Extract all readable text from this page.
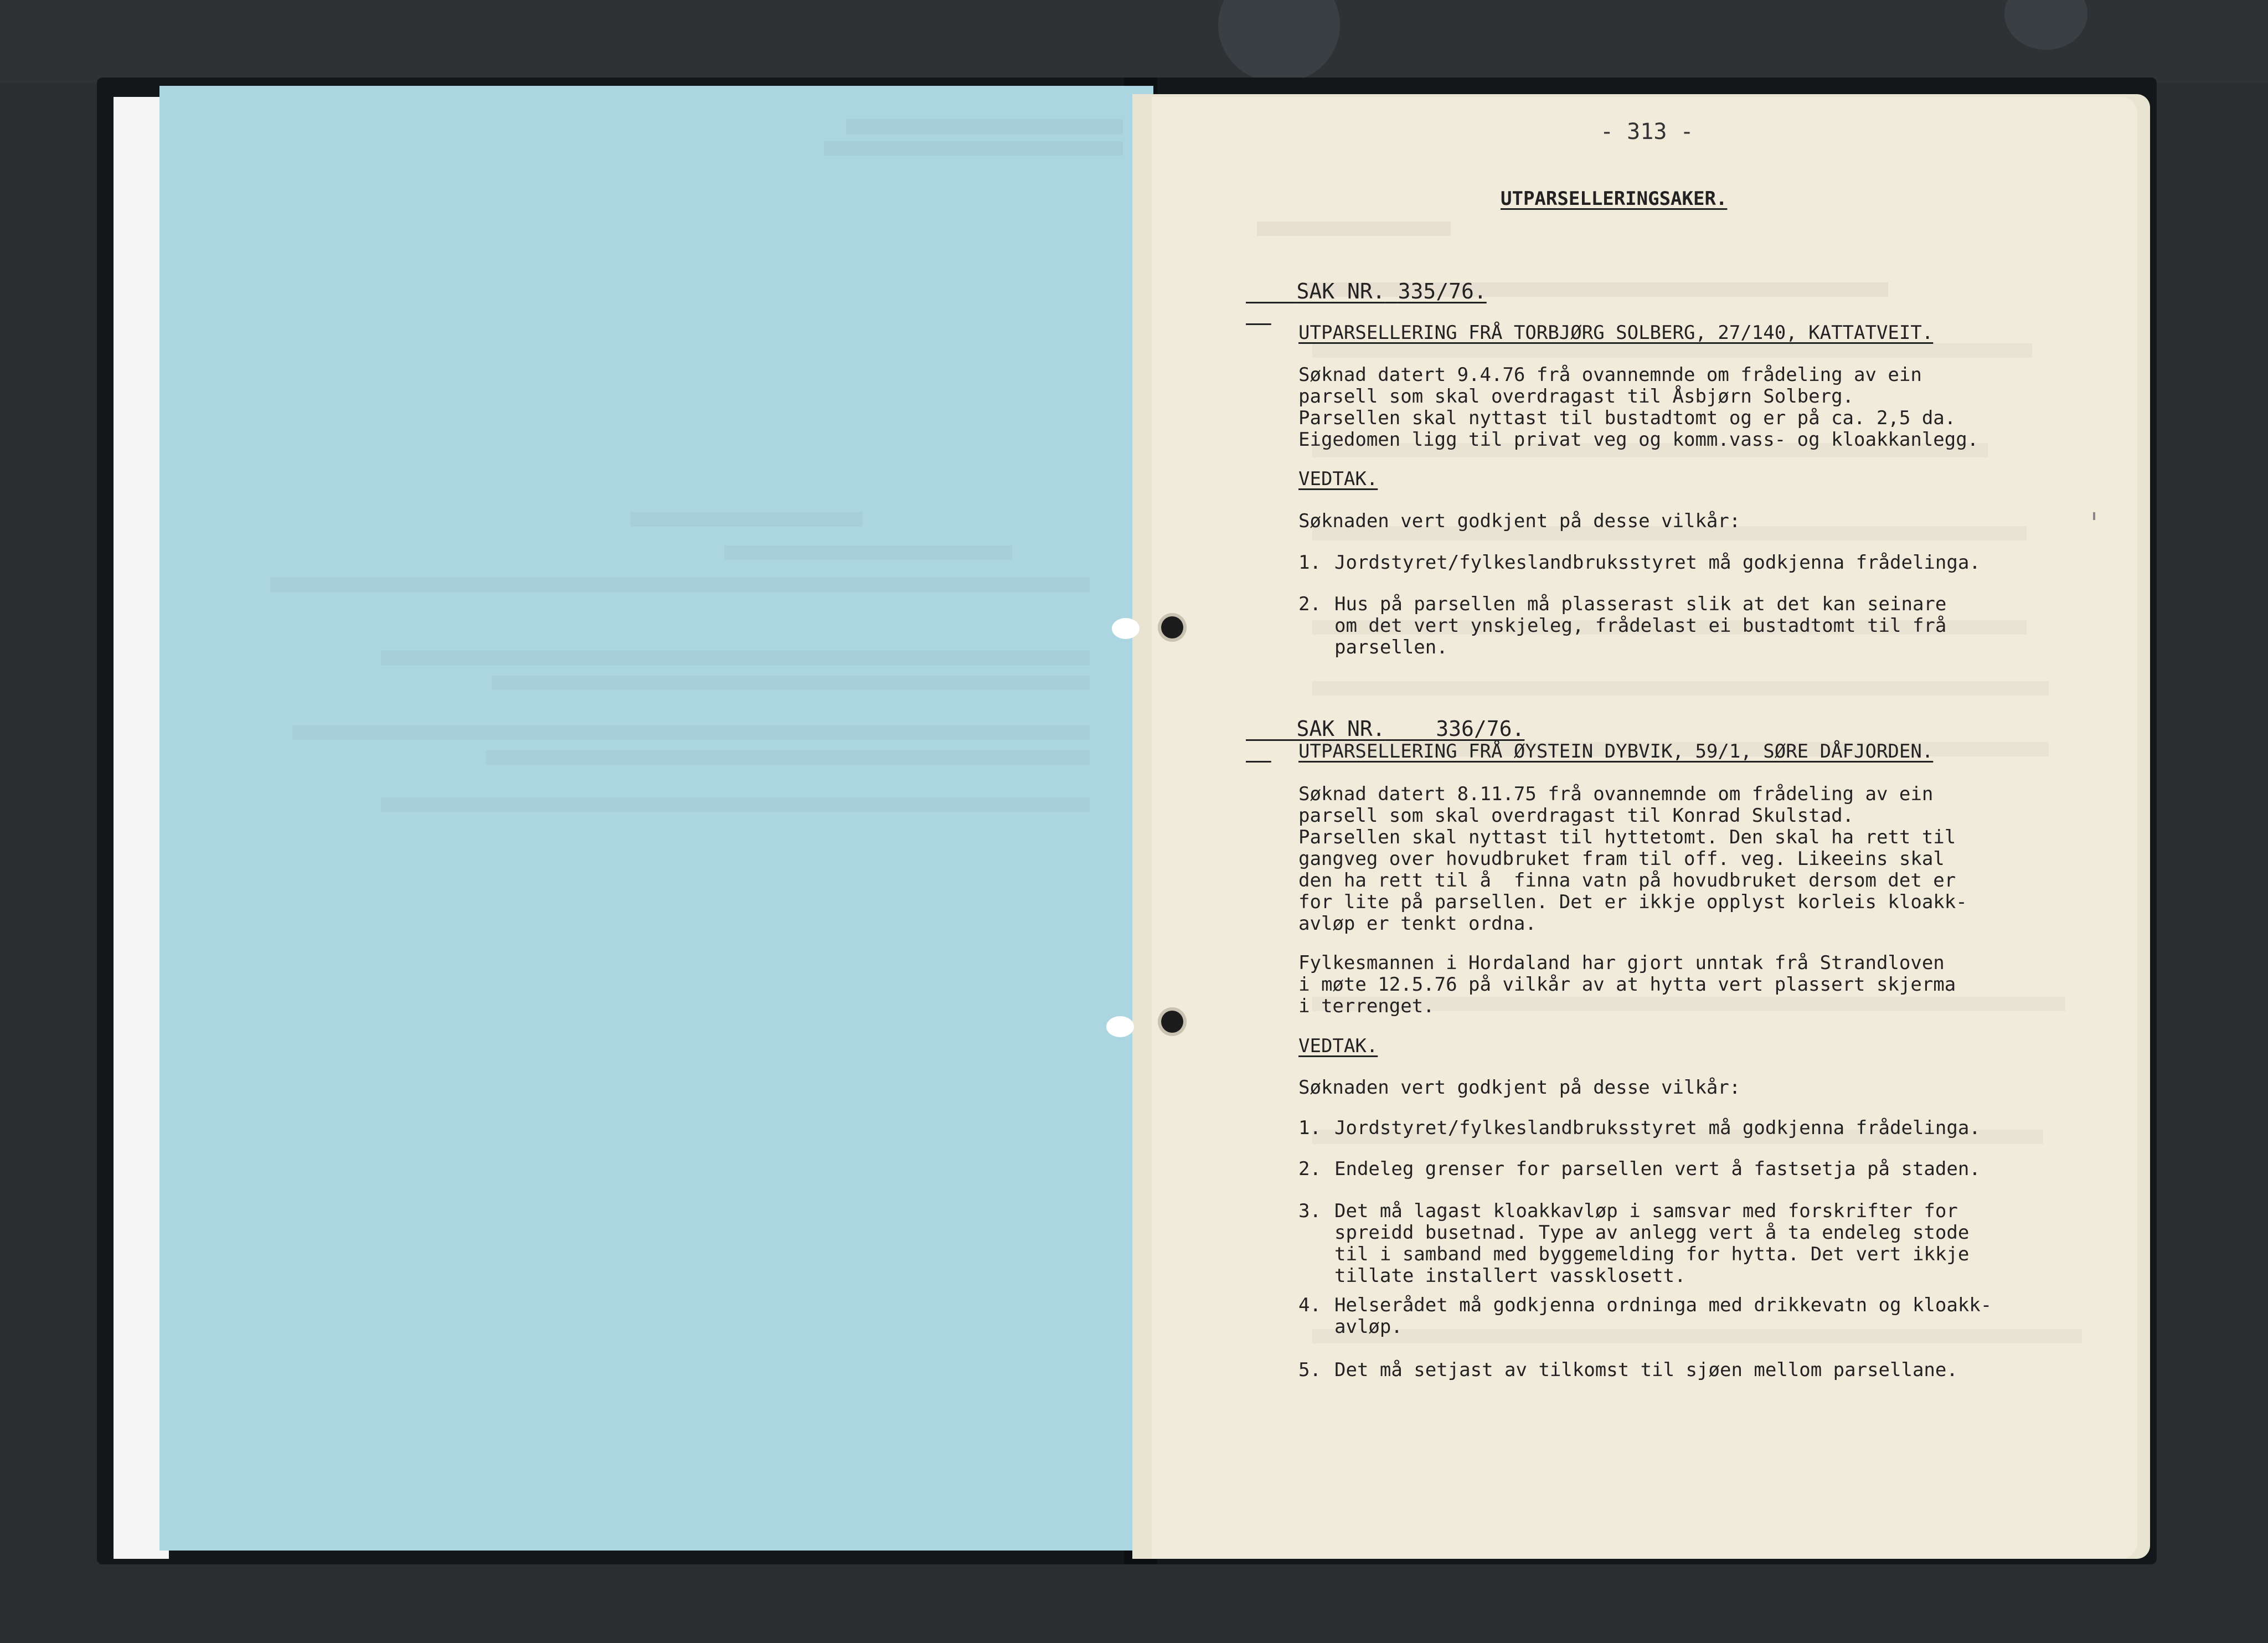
- 313 -
UTPARSELLERINGSAKER.

SAK NR. 335/76.

UTPARSELLERING FRÅ TORBJØRG SOLBERG, 27/140, KATTATVEIT.
Søknad datert 9.4.76 frå ovannemnde om frådeling av ein
parsell som skal overdragast til Åsbjørn Solberg.
Parsellen skal nyttast til bustadtomt og er på ca. 2,5 da.
Eigedomen ligg til privat veg og komm.vass- og kloakkanlegg.
VEDTAK.
Søknaden vert godkjent på desse vilkår:
1. Jordstyret/fylkeslandbruksstyret må godkjenna frådelinga.
2. Hus på parsellen må plasserast slik at det kan seinare
om det vert ynskjeleg, frådelast ei bustadtomt til frå
parsellen.

SAK NR. 336/76.

UTPARSELLERING FRÅ ØYSTEIN DYBVIK, 59/1, SØRE DÅFJORDEN.
Søknad datert 8.11.75 frå ovannemnde om frådeling av ein
parsell som skal overdragast til Konrad Skulstad.
Parsellen skal nyttast til hyttetomt. Den skal ha rett til
gangveg over hovudbruket fram til off. veg. Likeeins skal
den ha rett til å  finna vatn på hovudbruket dersom det er
for lite på parsellen. Det er ikkje opplyst korleis kloakk-
avløp er tenkt ordna.
Fylkesmannen i Hordaland har gjort unntak frå Strandloven
i møte 12.5.76 på vilkår av at hytta vert plassert skjerma
i terrenget.
VEDTAK.
Søknaden vert godkjent på desse vilkår:
1. Jordstyret/fylkeslandbruksstyret må godkjenna frådelinga.
2. Endeleg grenser for parsellen vert å fastsetja på staden.
3. Det må lagast kloakkavløp i samsvar med forskrifter for
spreidd busetnad. Type av anlegg vert å ta endeleg stode
til i samband med byggemelding for hytta. Det vert ikkje
tillate installert vassklosett.
4. Helserådet må godkjenna ordninga med drikkevatn og kloakk-
avløp.
5. Det må setjast av tilkomst til sjøen mellom parsellane.
